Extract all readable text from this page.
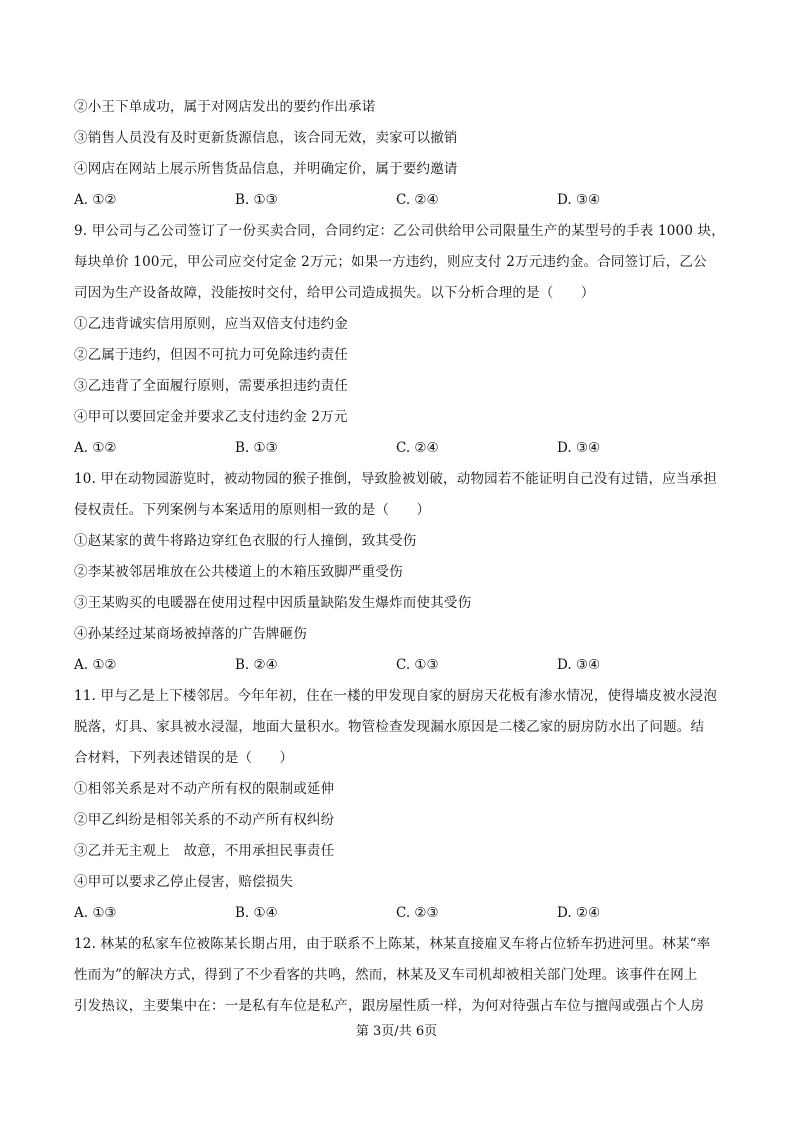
②小王下单成功，属于对网店发出的要约作出承诺
③销售人员没有及时更新货源信息，该合同无效，卖家可以撤销
④网店在网站上展示所售货品信息，并明确定价，属于要约邀请
A. ①②	B. ①③	C. ②④	D. ③④
9. 甲公司与乙公司签订了一份买卖合同，合同约定：乙公司供给甲公司限量生产的某型号的手表 1000 块，
每块单价 100元，甲公司应交付定金 2万元；如果一方违约，则应支付 2万元违约金。合同签订后，乙公
司因为生产设备故障，没能按时交付，给甲公司造成损失。以下分析合理的是（　　）
①乙违背诚实信用原则，应当双倍支付违约金
②乙属于违约，但因不可抗力可免除违约责任
③乙违背了全面履行原则，需要承担违约责任
④甲可以要回定金并要求乙支付违约金 2万元
A. ①②	B. ①③	C. ②④	D. ③④
10. 甲在动物园游览时，被动物园的猴子推倒，导致脸被划破，动物园若不能证明自己没有过错，应当承担
侵权责任。下列案例与本案适用的原则相一致的是（　　）
①赵某家的黄牛将路边穿红色衣服的行人撞倒，致其受伤
②李某被邻居堆放在公共楼道上的木箱压致脚严重受伤
③王某购买的电暖器在使用过程中因质量缺陷发生爆炸而使其受伤
④孙某经过某商场被掉落的广告牌砸伤
A. ①②	B. ②④	C. ①③	D. ③④
11. 甲与乙是上下楼邻居。今年年初，住在一楼的甲发现自家的厨房天花板有渗水情况，使得墙皮被水浸泡
脱落，灯具、家具被水浸湿，地面大量积水。物管检查发现漏水原因是二楼乙家的厨房防水出了问题。结
合材料，下列表述错误的是（　　）
①相邻关系是对不动产所有权的限制或延伸
②甲乙纠纷是相邻关系的不动产所有权纠纷
③乙并无主观上　故意，不用承担民事责任
④甲可以要求乙停止侵害，赔偿损失
A. ①③	B. ①④	C. ②③	D. ②④
12. 林某的私家车位被陈某长期占用，由于联系不上陈某，林某直接雇叉车将占位轿车扔进河里。林某“率
性而为”的解决方式，得到了不少看客的共鸣，然而，林某及叉车司机却被相关部门处理。该事件在网上
引发热议，主要集中在：一是私有车位是私产，跟房屋性质一样，为何对待强占车位与擅闯或强占个人房
第 3页/共 6页
